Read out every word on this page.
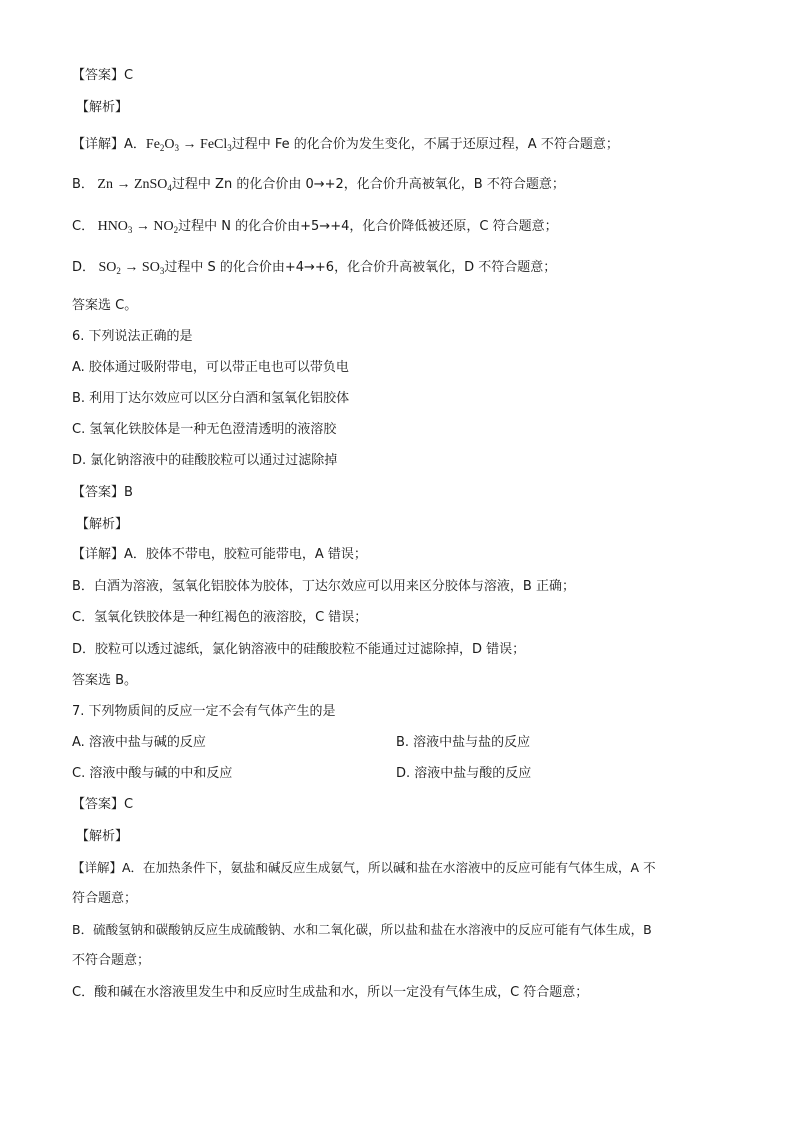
【答案】C
【解析】
【详解】A．$Fe_2O_3$ → FeCl$_3$过程中 Fe 的化合价为发生变化，不属于还原过程，A 不符合题意；
B． Zn → ZnSO$_4$过程中 Zn 的化合价由 0→+2，化合价升高被氧化，B 不符合题意；
C． $HNO_3 \to NO_2$过程中 N 的化合价由+5→+4，化合价降低被还原，C 符合题意；
D． $SO_2 \to SO_3$过程中 S 的化合价由+4→+6，化合价升高被氧化，D 不符合题意；
答案选 C。
6. 下列说法正确的是
A. 胶体通过吸附带电，可以带正电也可以带负电
B. 利用丁达尔效应可以区分白酒和氢氧化铝胶体
C. 氢氧化铁胶体是一种无色澄清透明的液溶胶
D. 氯化钠溶液中的硅酸胶粒可以通过过滤除掉
【答案】B
【解析】
【详解】A．胶体不带电，胶粒可能带电，A 错误；
B．白酒为溶液，氢氧化铝胶体为胶体，丁达尔效应可以用来区分胶体与溶液，B 正确；
C．氢氧化铁胶体是一种红褐色的液溶胶，C 错误；
D．胶粒可以透过滤纸，氯化钠溶液中的硅酸胶粒不能通过过滤除掉，D 错误；
答案选 B。
7. 下列物质间的反应一定不会有气体产生的是
A. 溶液中盐与碱的反应	B. 溶液中盐与盐的反应
C. 溶液中酸与碱的中和反应	D. 溶液中盐与酸的反应
【答案】C
【解析】
【详解】A．在加热条件下，氨盐和碱反应生成氨气，所以碱和盐在水溶液中的反应可能有气体生成，A 不
符合题意；
B．硫酸氢钠和碳酸钠反应生成硫酸钠、水和二氧化碳，所以盐和盐在水溶液中的反应可能有气体生成，B
不符合题意；
C．酸和碱在水溶液里发生中和反应时生成盐和水，所以一定没有气体生成，C 符合题意；
